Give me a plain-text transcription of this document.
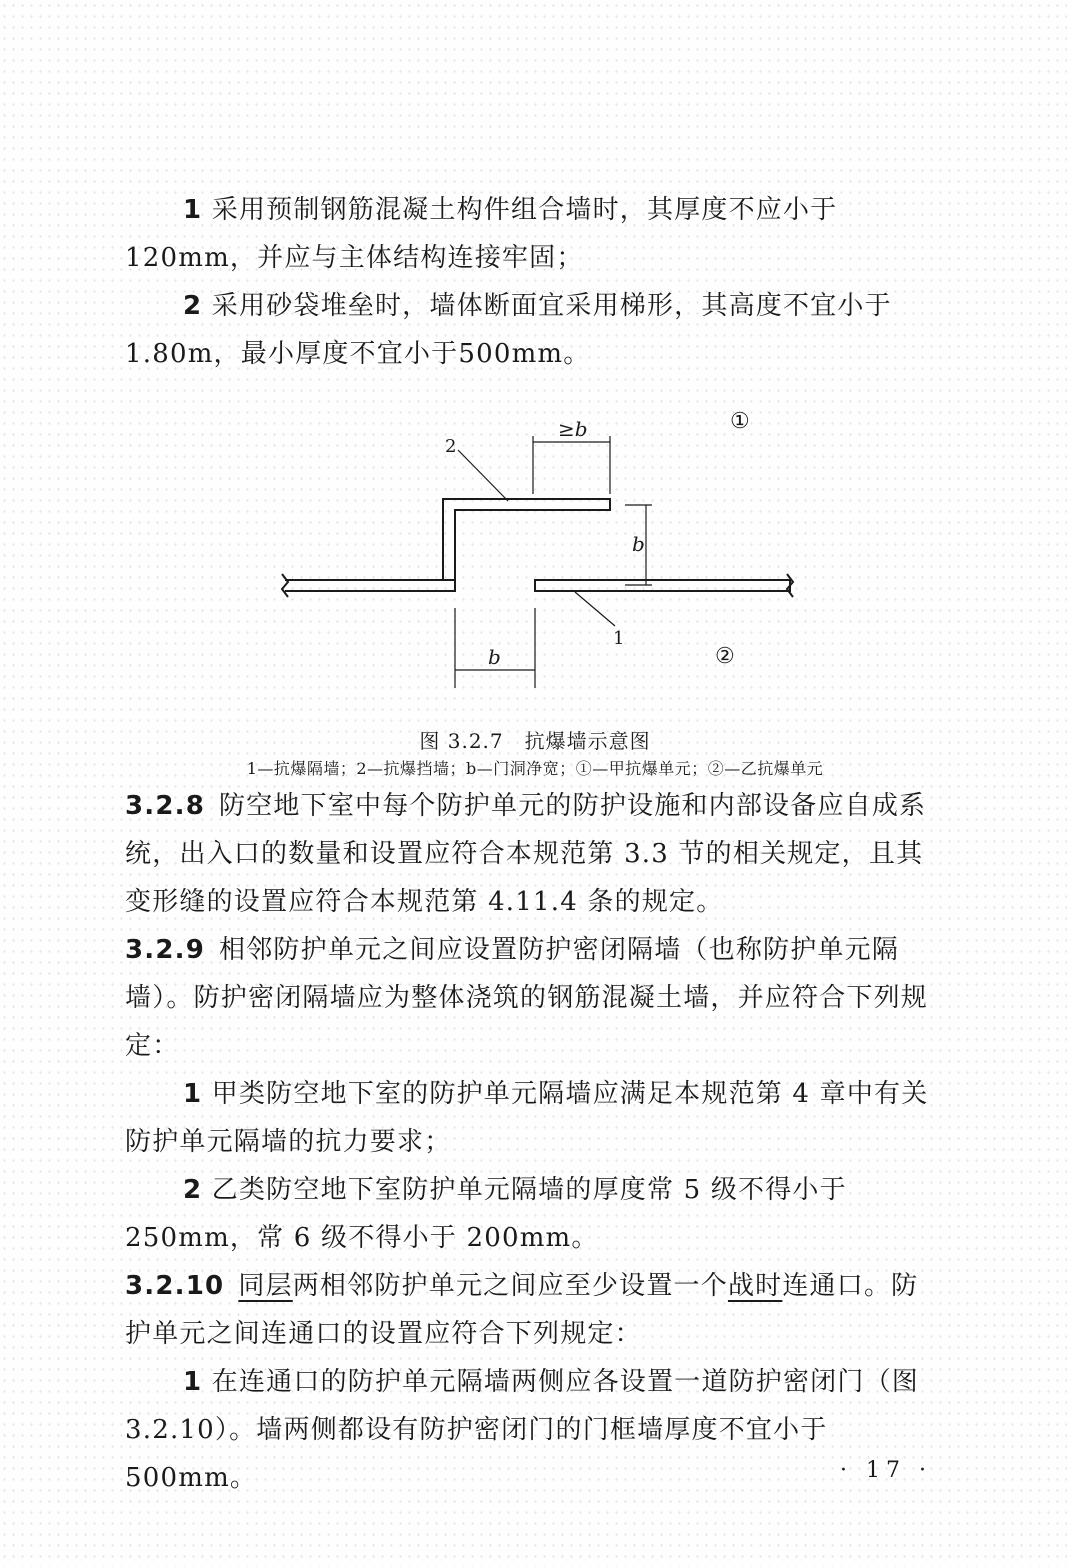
1 采用预制钢筋混凝土构件组合墙时，其厚度不应小于120mm，并应与主体结构连接牢固；

2 采用砂袋堆垒时，墙体断面宜采用梯形，其高度不宜小于1.80m，最小厚度不宜小于500mm。

≥b
b
b
2
1
①
②
图 3.2.7　抗爆墙示意图
1—抗爆隔墙；2—抗爆挡墙；b—门洞净宽；①—甲抗爆单元；②—乙抗爆单元

3.2.8 防空地下室中每个防护单元的防护设施和内部设备应自成系统，出入口的数量和设置应符合本规范第 3.3 节的相关规定，且其变形缝的设置应符合本规范第 4.11.4 条的规定。

3.2.9 相邻防护单元之间应设置防护密闭隔墙（也称防护单元隔墙）。防护密闭隔墙应为整体浇筑的钢筋混凝土墙，并应符合下列规定：

1 甲类防空地下室的防护单元隔墙应满足本规范第 4 章中有关防护单元隔墙的抗力要求；

2 乙类防空地下室防护单元隔墙的厚度常 5 级不得小于250mm，常 6 级不得小于 200mm。

3.2.10 同层两相邻防护单元之间应至少设置一个战时连通口。防护单元之间连通口的设置应符合下列规定：

1 在连通口的防护单元隔墙两侧应各设置一道防护密闭门（图 3.2.10）。墙两侧都设有防护密闭门的门框墙厚度不宜小于 500mm。	· 17 ·
